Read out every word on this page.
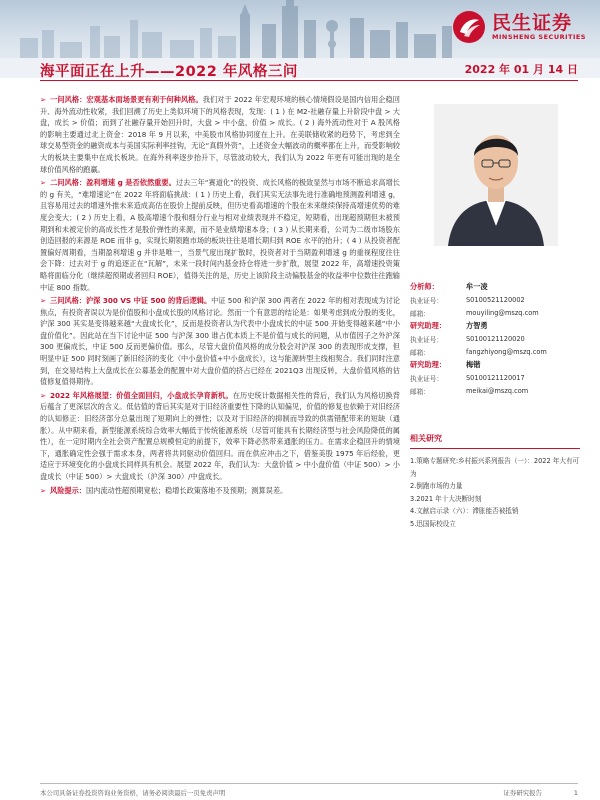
民生证券
MINSHENG SECURITIES
海平面正在上升——2022 年风格三问	2022 年 01 月 14 日

➢ 一问风格：宏观基本面场景更有利于何种风格。我们对于 2022 年宏观环境的核心情境假设是国内信用企稳回升、海外流动性收紧，我们回溯了历史上类似环境下的风格表现，发现：( 1 ) 在 M2-社融存量上升阶段中盘 > 大盘，成长 > 价值；而到了社融存量开始回升时，大盘 > 中小盘，价值 > 成长。( 2 ) 海外流动性对于 A 股风格的影响主要通过北上资金：2018 年 9 月以来，中美股市风格协同度在上升。在美联储收紧的趋势下，考虑到全球交易型资金的融资成本与美国实际利率挂钩，无论“真假外资”，上述资金大幅波动的概率都在上升，而受影响较大的板块主要集中在成长板块。在海外利率逐步抬升下，尽管波动较大，我们认为 2022 年更有可能出现的是全球价值风格的跑赢。

➢ 二问风格：盈利增速 g 是否依然重要。过去三年“赛道化”的投资、成长风格的极致显然与市场不断追求高增长的 g 有关，“难增速论”在 2022 年将面临挑战：( 1 ) 历史上看，我们其实无法事先进行准确地预测盈利增速 g，且容易用过去的增速外推未来造成高估在股价上提前反映，但历史看高增速的个股在未来继续保持高增速优势的难度会变大；( 2 ) 历史上看，A 股高增速个股和细分行业与相对业绩表现并不稳定，短期看，出现超预期但未被预期到和未被定价的高成长性才是股价弹性的来源，而不是业绩增速本身；( 3 ) 从长期来看，公司为二级市场股东创造回报的来源是 ROE 而非 g，实现长期领跑市场的板块往往是增长期归到 ROE 水平的抬升；( 4 ) 从投资者配置偏好周期看，当期盈利增速 g 并非是唯一，当景气度出现扩散时，投资者对于当期盈利增速 g 的重视程度往往会下降：过去对于 g 的追逐正在“瓦解”，未来一段时间内基金持仓将进一步扩散，展望 2022 年，高增速投资策略将面临分化（继续超预期或者回归 ROE），值得关注的是，历史上该阶段主动偏股基金的收益率中位数往往跑输中证 800 指数。

➢ 三问风格：沪深 300 VS 中证 500 的背后逻辑。中证 500 和沪深 300 两者在 2022 年的相对表现成为讨论焦点，有投资者误以为是价值股和小盘成长股的风格讨论。然而一个有意思的结论是：如果考虑到成分股的变化，沪深 300 其实是变得越来越“大盘成长化”，反而是投资者认为代表中小盘成长的中证 500 开始变得越来越“中小盘价值化”。因此站在当下讨论中证 500 与沪深 300 谁占优本质上不是价值与成长的问题，从市值因子之外沪深 300 更偏成长，中证 500 反而更偏价值。那么，尽管大盘价值风格的成分股会对沪深 300 的表现形成支撑，但明显中证 500 同时刻画了新旧经济的变化（中小盘价值+中小盘成长），这与能源转型主线相契合。我们同时注意到，在交易结构上大盘成长在公募基金的配置中对大盘价值的挤占已经在 2021Q3 出现反转，大盘价值风格的估值修复值得期待。

➢ 2022 年风格展望：价值全面回归，小盘成长孕育新机。在历史统计数据相关性的背后，我们认为风格切换背后蕴含了更深层次的含义。低估值的背后其实是对于旧经济重要性下降的认知偏见，价值的修复也依赖于对旧经济的认知修正：旧经济部分总量出现了短期向上的弹性；以及对于旧经济的抑制而导致的供需错配带来的短缺（通胀）。从中期来看，新型能源系统综合效率大幅低于传统能源系统（尽管可能具有长期经济型与社会风险降低的属性），在一定时期内全社会资产配置总规模恒定的前提下，效率下降必然带来通胀的压力。在需求企稳回升的情境下，通胀确定性会强于需求本身，两者将共同驱动价值回归。而在供应冲击之下，借鉴美股 1975 年后经验，更适应于环境变化的小盘成长同样具有机会。展望 2022 年，我们认为：大盘价值 > 中小盘价值（中证 500）> 小盘成长（中证 500）> 大盘成长（沪深 300）/中盘成长。

➢ 风险提示：国内流动性超预期宽松；稳增长政策落地不及预期；测算误差。

分析师：	牟一凌
执业证号：	S0100521120002
邮箱：	mouyiling@mszq.com
研究助理：	方智勇
执业证号：	S0100121120020
邮箱：	fangzhiyong@mszq.com
研究助理：	梅锴
执业证号：	S0100121120017
邮箱：	meikai@mszq.com
相关研究
1.策略专题研究:乡村振兴系列报告（一）：2022 年大有可为
2.倒跑市场的力量
3.2021 年十大决断时刻
4.文献启示录（六）：滞胀能否被抵销
5.迅国际校设立
本公司具备证券投资咨询业务资格，请务必阅读最后一页免责声明	证券研究报告	1
